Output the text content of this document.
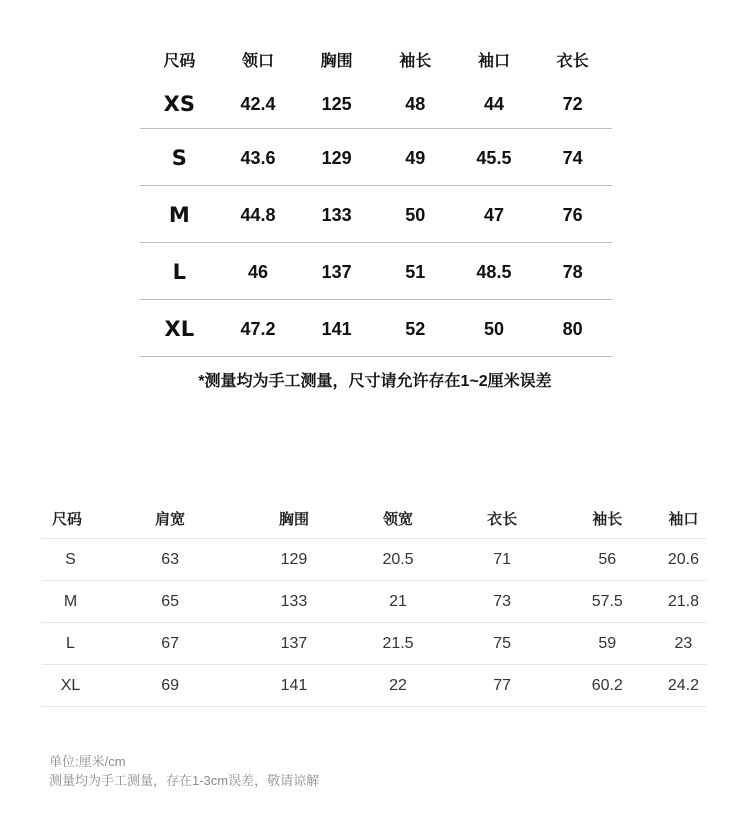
尺码	领口	胸围	袖长	袖口	衣长
XS	42.4	125	48	44	72
S	43.6	129	49	45.5	74
M	44.8	133	50	47	76
L	46	137	51	48.5	78
XL	47.2	141	52	50	80
*测量均为手工测量，尺寸请允许存在1~2厘米误差
尺码	肩宽	胸围	领宽	衣长	袖长	袖口
S	63	129	20.5	71	56	20.6
M	65	133	21	73	57.5	21.8
L	67	137	21.5	75	59	23
XL	69	141	22	77	60.2	24.2
单位:厘米/cm
测量均为手工测量，存在1-3cm误差，敬请谅解
